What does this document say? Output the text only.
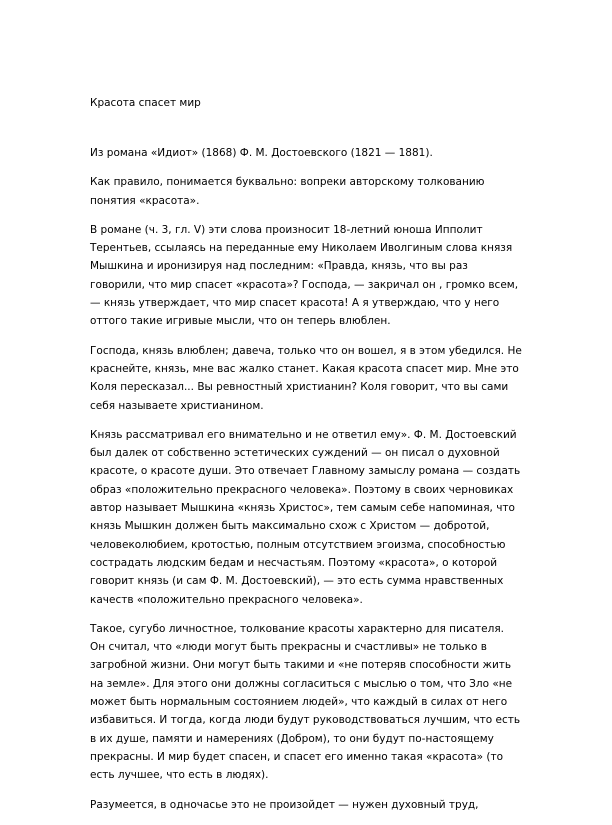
Красота спасет мир

Из романа «Идиот» (1868) Ф. М. Достоевского (1821 — 1881).

Как правило, понимается буквально: вопреки авторскому толкованию понятия «красота».

В романе (ч. 3, гл. V) эти слова произносит 18-летний юноша Ипполит Терентьев, ссылаясь на переданные ему Николаем Иволгиным слова князя Мышкина и иронизируя над последним: «Правда, князь, что вы раз говорили, что мир спасет «красота»? Господа, — закричал он , громко всем, — князь утверждает, что мир спасет красота! А я утверждаю, что у него оттого такие игривые мысли, что он теперь влюблен.

Господа, князь влюблен; давеча, только что он вошел, я в этом убедился. Не краснейте, князь, мне вас жалко станет. Какая красота спасет мир. Мне это Коля пересказал... Вы ревностный христианин? Коля говорит, что вы сами себя называете христианином.

Князь рассматривал его внимательно и не ответил ему». Ф. М. Достоевский был далек от собственно эстетических суждений — он писал о духовной красоте, о красоте души. Это отвечает Главному замыслу романа — создать образ «положительно прекрасного человека». Поэтому в своих черновиках автор называет Мышкина «князь Христос», тем самым себе напоминая, что князь Мышкин должен быть максимально схож с Христом — добротой, человеколюбием, кротостью, полным отсутствием эгоизма, способностью сострадать людским бедам и несчастьям. Поэтому «красота», о которой говорит князь (и сам Ф. М. Достоевский), — это есть сумма нравственных качеств «положительно прекрасного человека».

Такое, сугубо личностное, толкование красоты характерно для писателя. Он считал, что «люди могут быть прекрасны и счастливы» не только в загробной жизни. Они могут быть такими и «не потеряв способности жить на земле». Для этого они должны согласиться с мыслью о том, что Зло «не может быть нормальным состоянием людей», что каждый в силах от него избавиться. И тогда, когда люди будут руководствоваться лучшим, что есть в их душе, памяти и намерениях (Добром), то они будут по-настоящему прекрасны. И мир будет спасен, и спасет его именно такая «красота» (то есть лучшее, что есть в людях).

Разумеется, в одночасье это не произойдет — нужен духовный труд,
